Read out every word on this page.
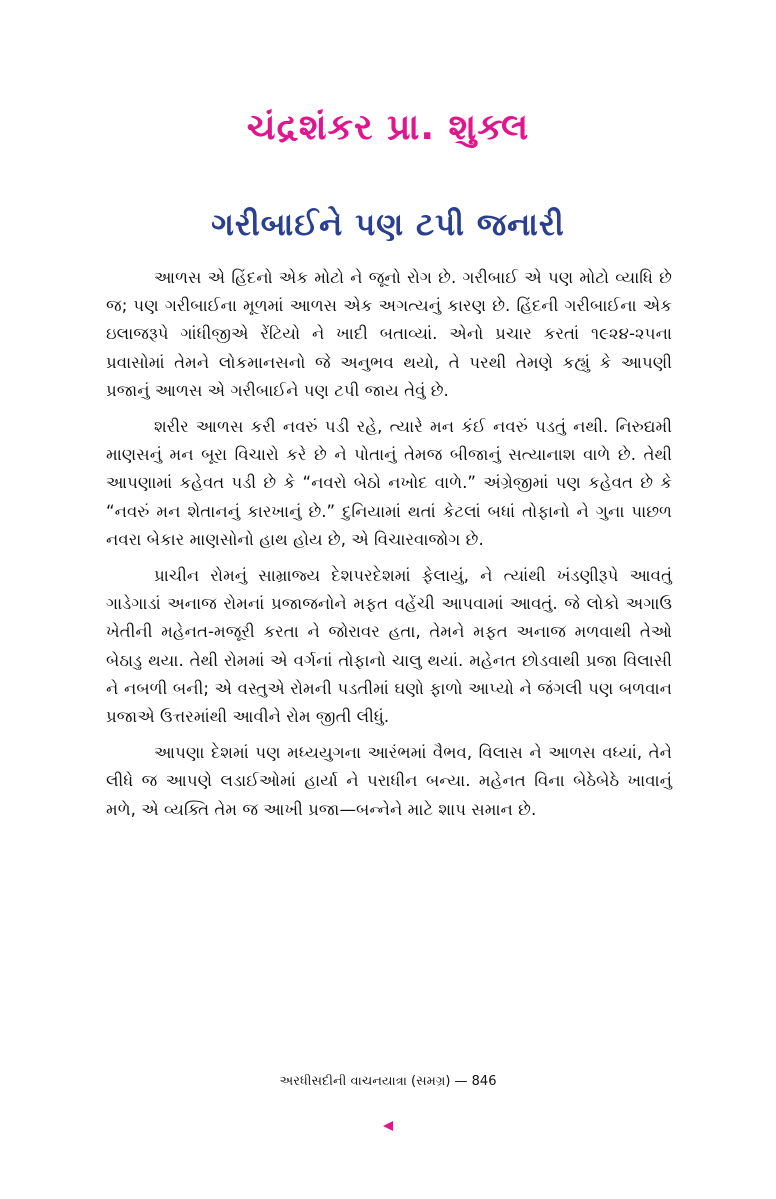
ચંદ્રશંકર પ્રા. શુક્લ
ગરીબાઈને પણ ટપી જનારી

આળસ એ હિંદનો એક મોટો ને જૂનો રોગ છે. ગરીબાઈ એ પણ મોટો વ્યાધિ છે જ; પણ ગરીબાઈના મૂળમાં આળસ એક અગત્યનું કારણ છે. હિંદની ગરીબાઈના એક ઇલાજરૂપે ગાંધીજીએ રેંટિયો ને ખાદી બતાવ્યાં. એનો પ્રચાર કરતાં ૧૯૨૪-૨૫ના પ્રવાસોમાં તેમને લોકમાનસનો જે અનુભવ થયો, તે પરથી તેમણે કહ્યું કે આપણી પ્રજાનું આળસ એ ગરીબાઈને પણ ટપી જાય તેવું છે.

શરીર આળસ કરી નવરું પડી રહે, ત્યારે મન કંઈ નવરું પડતું નથી. નિરુદ્યમી માણસનું મન બૂરા વિચારો કરે છે ને પોતાનું તેમજ બીજાનું સત્યાનાશ વાળે છે. તેથી આપણામાં કહેવત પડી છે કે “નવરો બેઠો નખોદ વાળે.” અંગ્રેજીમાં પણ કહેવત છે કે “નવરું મન શેતાનનું કારખાનું છે.” દુનિયામાં થતાં કેટલાં બધાં તોફાનો ને ગુના પાછળ નવરા બેકાર માણસોનો હાથ હોય છે, એ વિચારવાજોગ છે.

પ્રાચીન રોમનું સામ્રાજ્ય દેશપરદેશમાં ફેલાયું, ને ત્યાંથી ખંડણીરૂપે આવતું ગાડેગાડાં અનાજ રોમનાં પ્રજાજનોને મફત વહેંચી આપવામાં આવતું. જે લોકો અગાઉ ખેતીની મહેનત-મજૂરી કરતા ને જોરાવર હતા, તેમને મફત અનાજ મળવાથી તેઓ બેઠાડુ થયા. તેથી રોમમાં એ વર્ગનાં તોફાનો ચાલુ થયાં. મહેનત છોડવાથી પ્રજા વિલાસી ને નબળી બની; એ વસ્તુએ રોમની પડતીમાં ઘણો ફાળો આપ્યો ને જંગલી પણ બળવાન પ્રજાએ ઉત્તરમાંથી આવીને રોમ જીતી લીધું.

આપણા દેશમાં પણ મધ્યયુગના આરંભમાં વૈભવ, વિલાસ ને આળસ વધ્યાં, તેને લીધે જ આપણે લડાઈઓમાં હાર્યા ને પરાધીન બન્યા. મહેનત વિના બેઠેબેઠે ખાવાનું મળે, એ વ્યક્તિ તેમ જ આખી પ્રજા—બન્નેને માટે શાપ સમાન છે.

અરધીસદીની વાચનયાત્રા (સમગ્ર) — 846
